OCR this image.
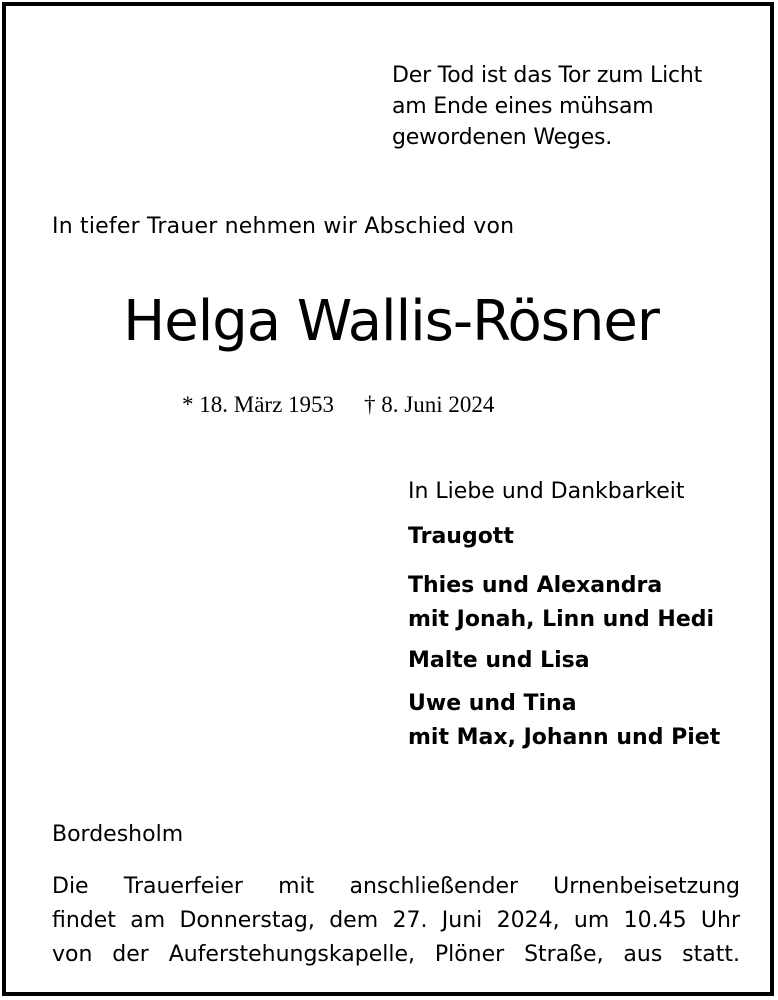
Der Tod ist das Tor zum Licht
am Ende eines mühsam
gewordenen Weges.
In tiefer Trauer nehmen wir Abschied von
Helga Wallis-Rösner
* 18. März 1953 † 8. Juni 2024
In Liebe und Dankbarkeit
Traugott
Thies und Alexandra
mit Jonah, Linn und Hedi
Malte und Lisa
Uwe und Tina
mit Max, Johann und Piet
Bordesholm
Die Trauerfeier mit anschließender Urnenbeisetzung
findet am Donnerstag, dem 27. Juni 2024, um 10.45 Uhr
von der Auferstehungskapelle, Plöner Straße, aus statt.
